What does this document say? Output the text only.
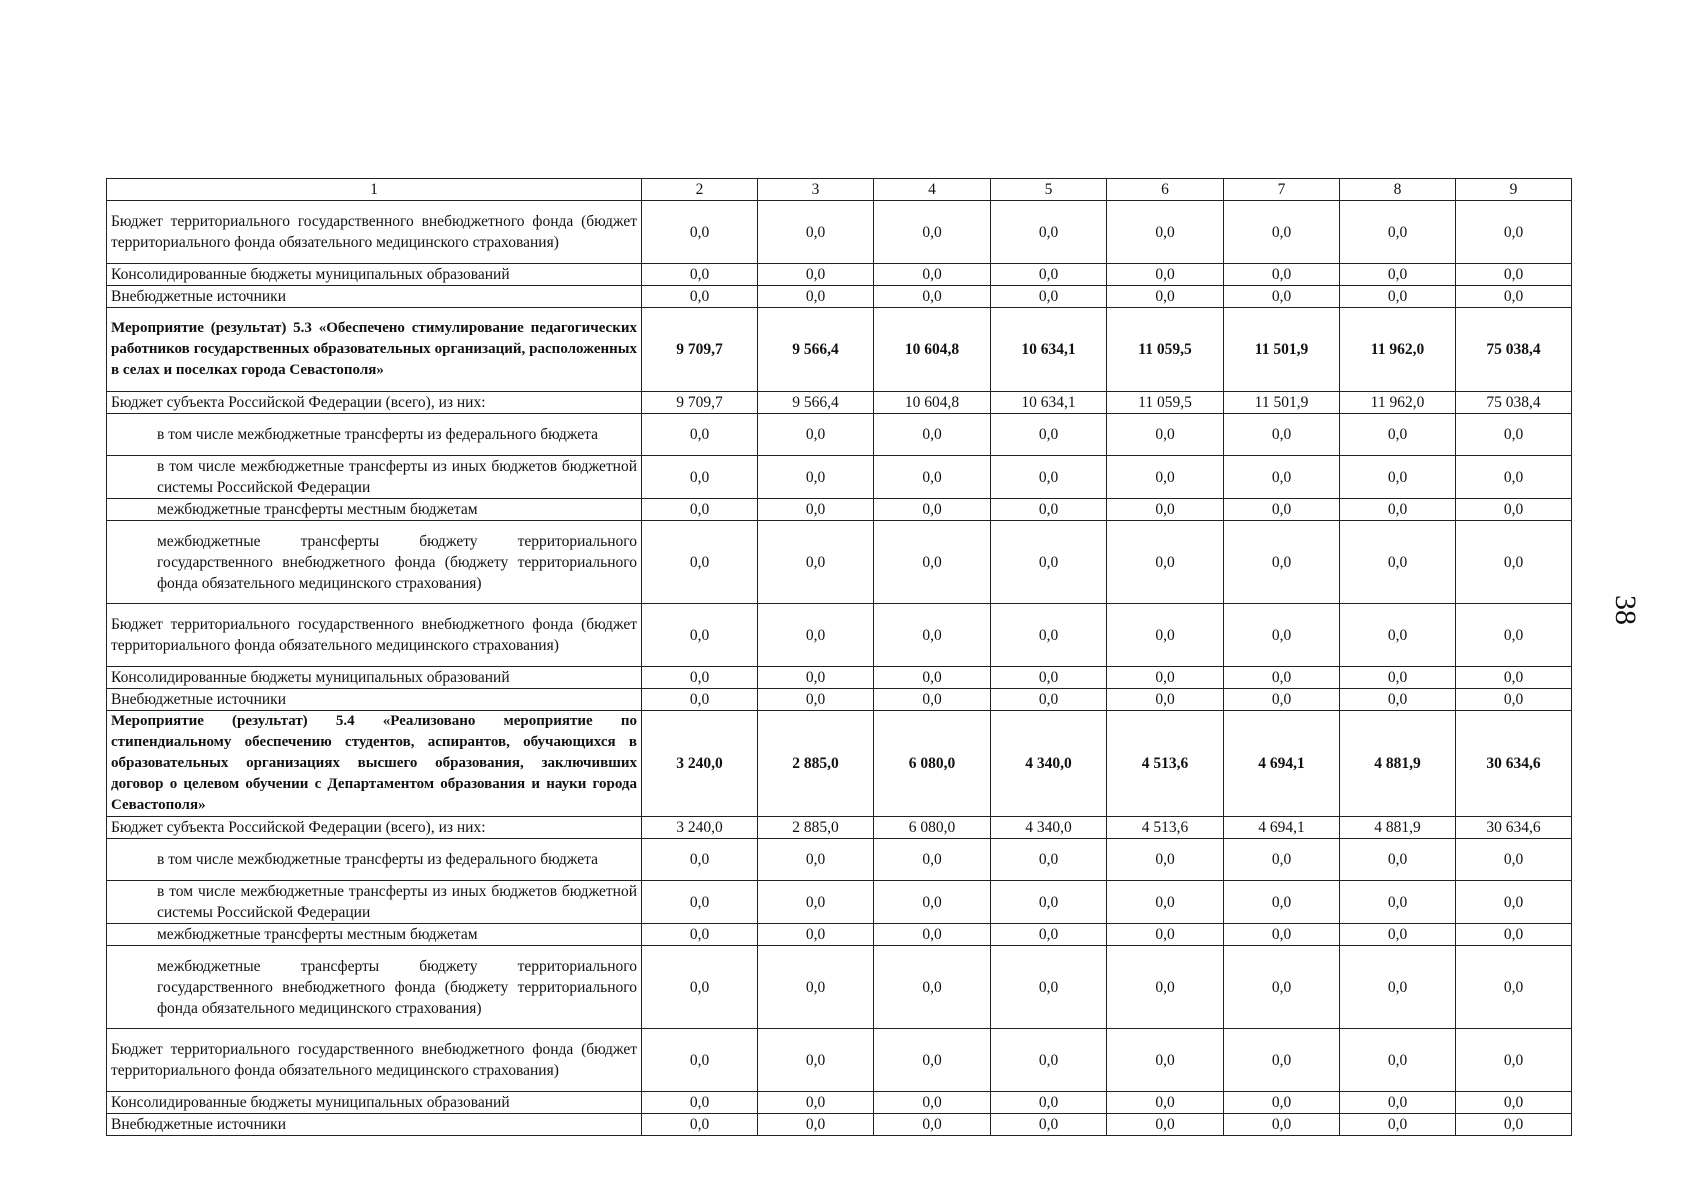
38
1	2	3	4	5	6	7	8	9
Бюджет территориального государственного внебюджетного фонда (бюджет территориального фонда обязательного медицинского страхования)	0,0	0,0	0,0	0,0	0,0	0,0	0,0	0,0
Консолидированные бюджеты муниципальных образований	0,0	0,0	0,0	0,0	0,0	0,0	0,0	0,0
Внебюджетные источники	0,0	0,0	0,0	0,0	0,0	0,0	0,0	0,0
Мероприятие (результат) 5.3 «Обеспечено стимулирование педагогических работников государственных образовательных организаций, расположенных в селах и поселках города Севастополя»	9 709,7	9 566,4	10 604,8	10 634,1	11 059,5	11 501,9	11 962,0	75 038,4
Бюджет субъекта Российской Федерации (всего), из них:	9 709,7	9 566,4	10 604,8	10 634,1	11 059,5	11 501,9	11 962,0	75 038,4
в том числе межбюджетные трансферты из федерального бюджета	0,0	0,0	0,0	0,0	0,0	0,0	0,0	0,0
в том числе межбюджетные трансферты из иных бюджетов бюджетной системы Российской Федерации	0,0	0,0	0,0	0,0	0,0	0,0	0,0	0,0
межбюджетные трансферты местным бюджетам	0,0	0,0	0,0	0,0	0,0	0,0	0,0	0,0
межбюджетные трансферты бюджету территориального государственного внебюджетного фонда (бюджету территориального фонда обязательного медицинского страхования)	0,0	0,0	0,0	0,0	0,0	0,0	0,0	0,0
Бюджет территориального государственного внебюджетного фонда (бюджет территориального фонда обязательного медицинского страхования)	0,0	0,0	0,0	0,0	0,0	0,0	0,0	0,0
Консолидированные бюджеты муниципальных образований	0,0	0,0	0,0	0,0	0,0	0,0	0,0	0,0
Внебюджетные источники	0,0	0,0	0,0	0,0	0,0	0,0	0,0	0,0
Мероприятие (результат) 5.4 «Реализовано мероприятие по стипендиальному обеспечению студентов, аспирантов, обучающихся в образовательных организациях высшего образования, заключивших договор о целевом обучении с Департаментом образования и науки города Севастополя»	3 240,0	2 885,0	6 080,0	4 340,0	4 513,6	4 694,1	4 881,9	30 634,6
Бюджет субъекта Российской Федерации (всего), из них:	3 240,0	2 885,0	6 080,0	4 340,0	4 513,6	4 694,1	4 881,9	30 634,6
в том числе межбюджетные трансферты из федерального бюджета	0,0	0,0	0,0	0,0	0,0	0,0	0,0	0,0
в том числе межбюджетные трансферты из иных бюджетов бюджетной системы Российской Федерации	0,0	0,0	0,0	0,0	0,0	0,0	0,0	0,0
межбюджетные трансферты местным бюджетам	0,0	0,0	0,0	0,0	0,0	0,0	0,0	0,0
межбюджетные трансферты бюджету территориального государственного внебюджетного фонда (бюджету территориального фонда обязательного медицинского страхования)	0,0	0,0	0,0	0,0	0,0	0,0	0,0	0,0
Бюджет территориального государственного внебюджетного фонда (бюджет территориального фонда обязательного медицинского страхования)	0,0	0,0	0,0	0,0	0,0	0,0	0,0	0,0
Консолидированные бюджеты муниципальных образований	0,0	0,0	0,0	0,0	0,0	0,0	0,0	0,0
Внебюджетные источники	0,0	0,0	0,0	0,0	0,0	0,0	0,0	0,0
